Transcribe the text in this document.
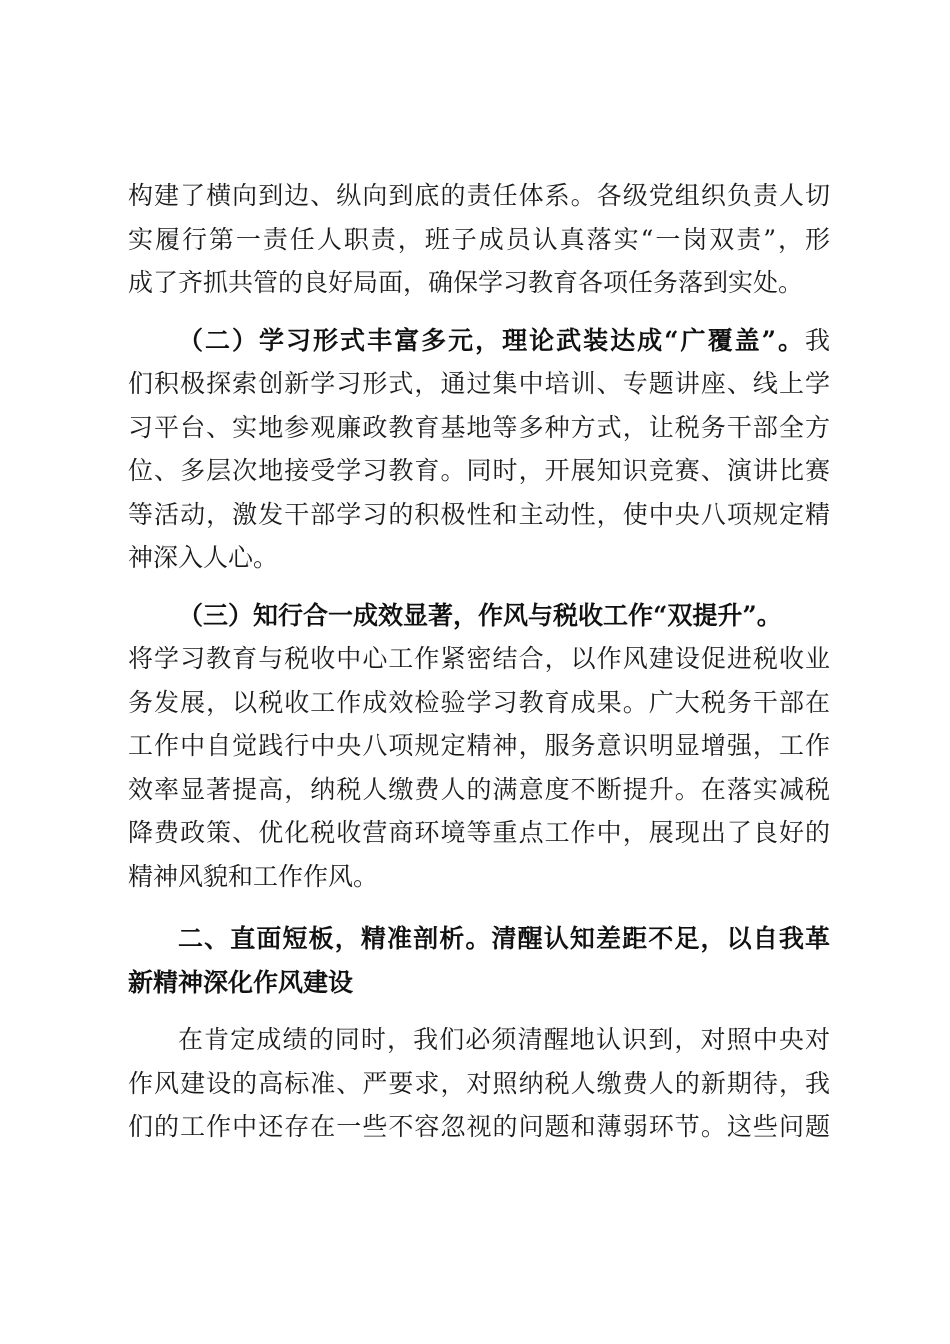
构建了横向到边、纵向到底的责任体系。各级党组织负责人切
实履行第一责任人职责，班子成员认真落实“一岗双责”，形
成了齐抓共管的良好局面，确保学习教育各项任务落到实处。
（二）学习形式丰富多元，理论武装达成“广覆盖”。我
们积极探索创新学习形式，通过集中培训、专题讲座、线上学
习平台、实地参观廉政教育基地等多种方式，让税务干部全方
位、多层次地接受学习教育。同时，开展知识竞赛、演讲比赛
等活动，激发干部学习的积极性和主动性，使中央八项规定精
神深入人心。
（三）知行合一成效显著，作风与税收工作“双提升”。
将学习教育与税收中心工作紧密结合，以作风建设促进税收业
务发展，以税收工作成效检验学习教育成果。广大税务干部在
工作中自觉践行中央八项规定精神，服务意识明显增强，工作
效率显著提高，纳税人缴费人的满意度不断提升。在落实减税
降费政策、优化税收营商环境等重点工作中，展现出了良好的
精神风貌和工作作风。
二、直面短板，精准剖析。清醒认知差距不足，以自我革
新精神深化作风建设
在肯定成绩的同时，我们必须清醒地认识到，对照中央对
作风建设的高标准、严要求，对照纳税人缴费人的新期待，我
们的工作中还存在一些不容忽视的问题和薄弱环节。这些问题
